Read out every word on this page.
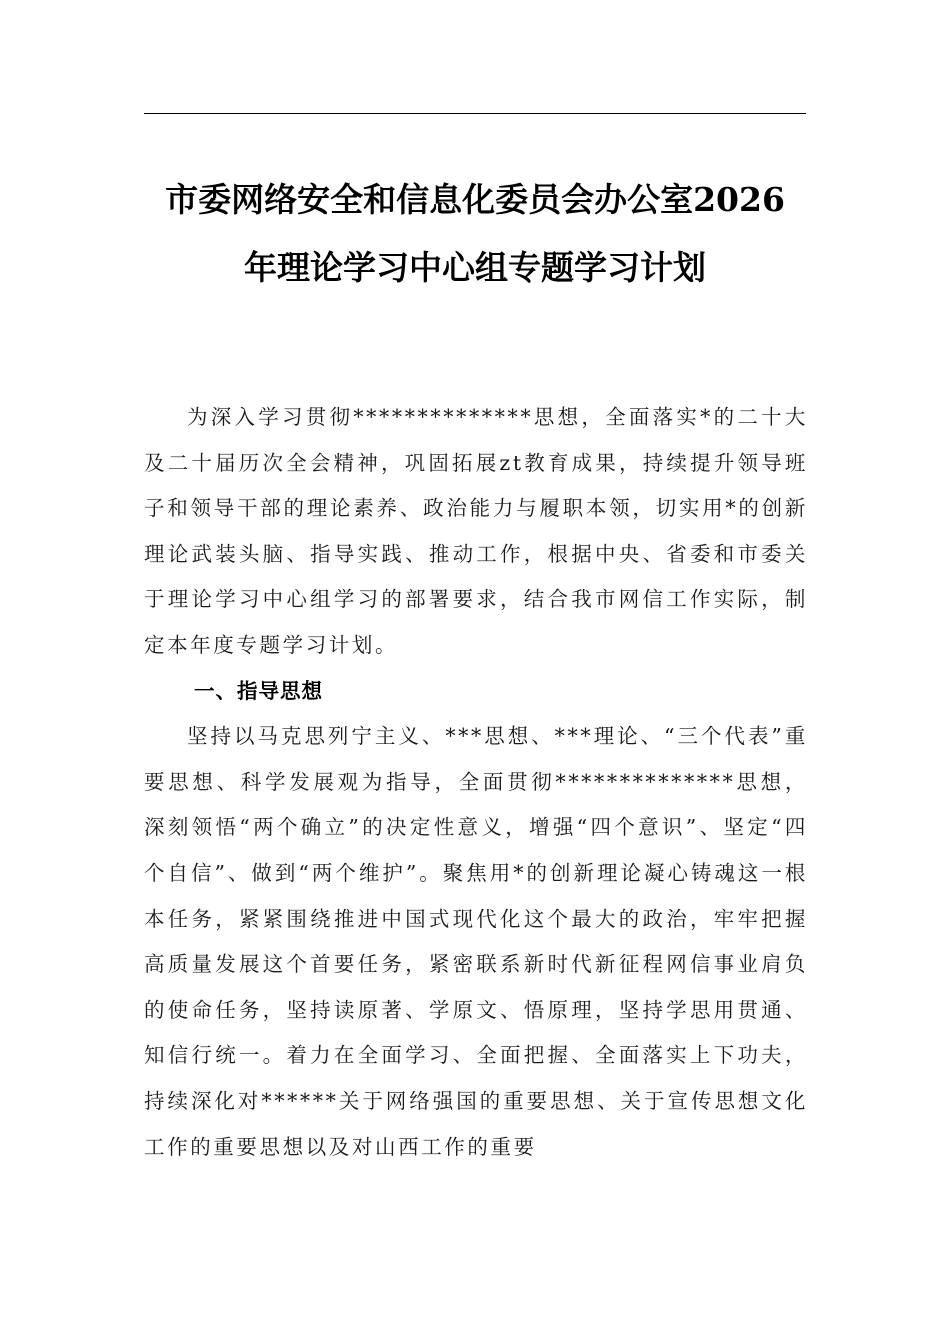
市委网络安全和信息化委员会办公室2026
年理论学习中心组专题学习计划

为深入学习贯彻**************思想，全面落实*的二十大及二十届历次全会精神，巩固拓展zt教育成果，持续提升领导班子和领导干部的理论素养、政治能力与履职本领，切实用*的创新理论武装头脑、指导实践、推动工作，根据中央、省委和市委关于理论学习中心组学习的部署要求，结合我市网信工作实际，制定本年度专题学习计划。

一、指导思想

坚持以马克思列宁主义、***思想、***理论、“三个代表”重要思想、科学发展观为指导，全面贯彻**************思想，深刻领悟“两个确立”的决定性意义，增强“四个意识”、坚定“四个自信”、做到“两个维护”。聚焦用*的创新理论凝心铸魂这一根本任务，紧紧围绕推进中国式现代化这个最大的政治，牢牢把握高质量发展这个首要任务，紧密联系新时代新征程网信事业肩负的使命任务，坚持读原著、学原文、悟原理，坚持学思用贯通、知信行统一。着力在全面学习、全面把握、全面落实上下功夫，持续深化对******关于网络强国的重要思想、关于宣传思想文化工作的重要思想以及对山西工作的重要
